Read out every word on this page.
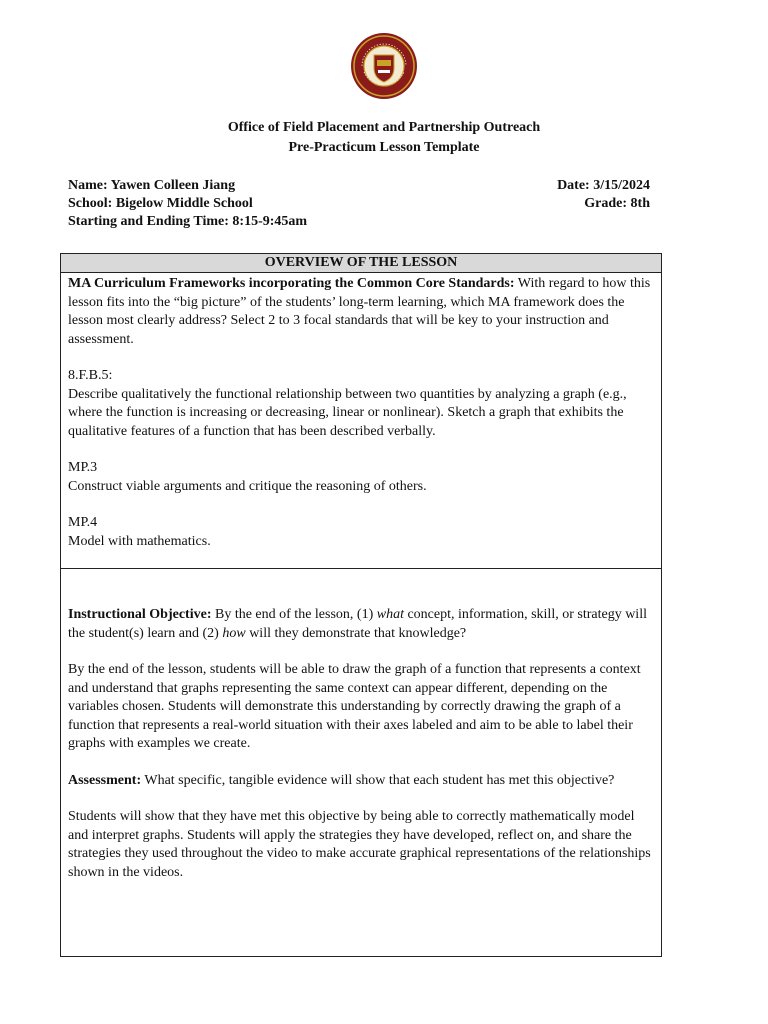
Office of Field Placement and Partnership Outreach
Pre-Practicum Lesson Template
Name: Yawen Colleen Jiang
School: Bigelow Middle School
Starting and Ending Time: 8:15-9:45am
Date: 3/15/2024
Grade: 8th
OVERVIEW OF THE LESSON

MA Curriculum Frameworks incorporating the Common Core Standards: With regard to how this lesson fits into the “big picture” of the students’ long-term learning, which MA framework does the lesson most clearly address? Select 2 to 3 focal standards that will be key to your instruction and assessment.

8.F.B.5:
Describe qualitatively the functional relationship between two quantities by analyzing a graph (e.g., where the function is increasing or decreasing, linear or nonlinear). Sketch a graph that exhibits the qualitative features of a function that has been described verbally.

MP.3
Construct viable arguments and critique the reasoning of others.

MP.4
Model with mathematics.

Instructional Objective: By the end of the lesson, (1) what concept, information, skill, or strategy will the student(s) learn and (2) how will they demonstrate that knowledge?

By the end of the lesson, students will be able to draw the graph of a function that represents a context and understand that graphs representing the same context can appear different, depending on the variables chosen. Students will demonstrate this understanding by correctly drawing the graph of a function that represents a real-world situation with their axes labeled and aim to be able to label their graphs with examples we create.

Assessment: What specific, tangible evidence will show that each student has met this objective?

Students will show that they have met this objective by being able to correctly mathematically model and interpret graphs. Students will apply the strategies they have developed, reflect on, and share the strategies they used throughout the video to make accurate graphical representations of the relationships shown in the videos.
